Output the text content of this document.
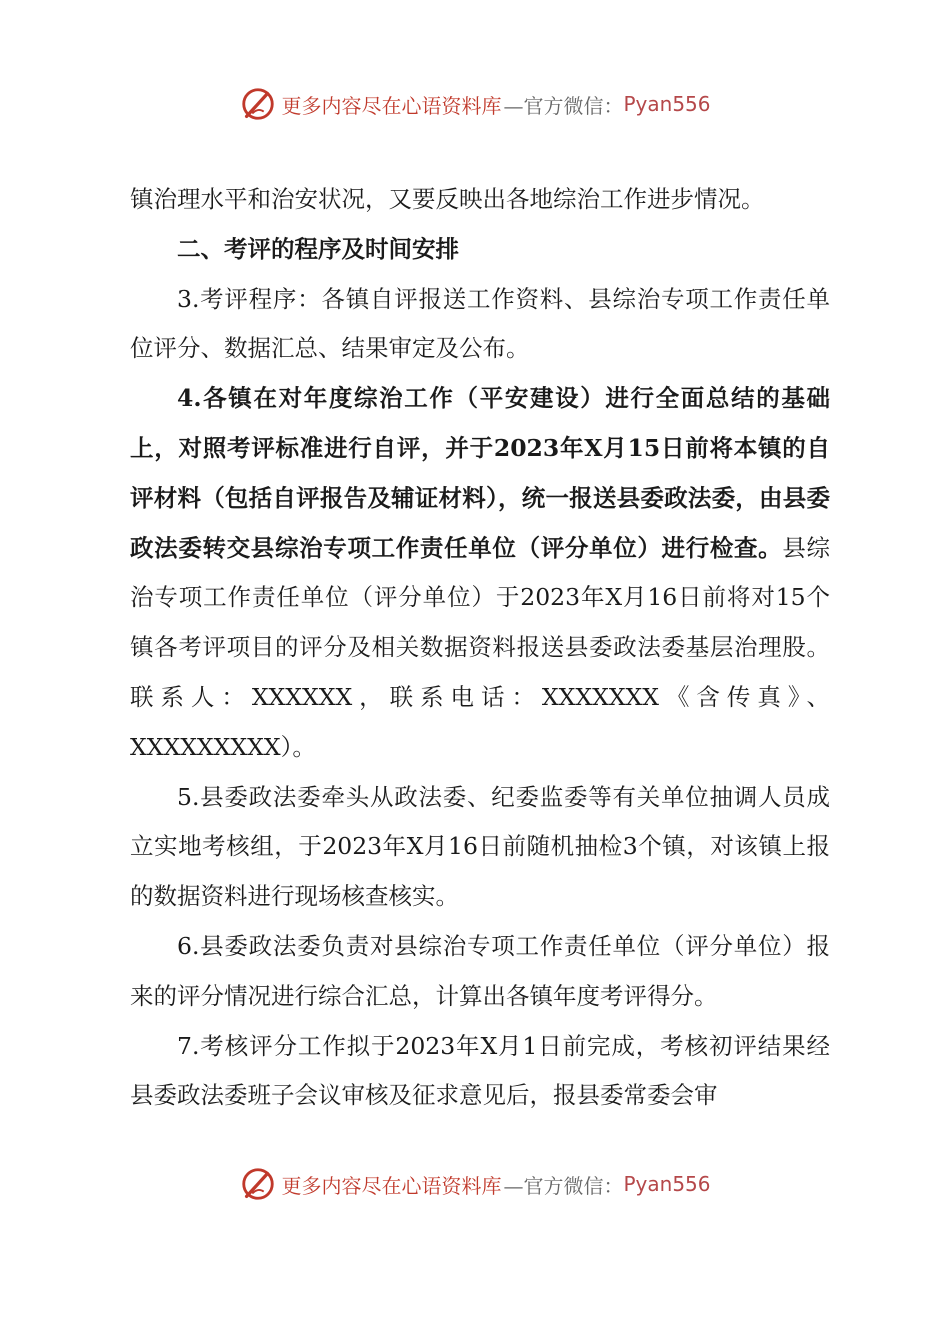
更多内容尽在心语资料库 —官方微信： Pyan556

镇治理水平和治安状况，又要反映出各地综治工作进步情况。

二、考评的程序及时间安排

3.考评程序：各镇自评报送工作资料、县综治专项工作责任单位评分、数据汇总、结果审定及公布。

4.各镇在对年度综治工作（平安建设）进行全面总结的基础上，对照考评标准进行自评，并于2023年X月15日前将本镇的自评材料（包括自评报告及辅证材料），统一报送县委政法委，由县委政法委转交县综治专项工作责任单位（评分单位）进行检查。县综治专项工作责任单位（评分单位）于2023年X月16日前将对15个镇各考评项目的评分及相关数据资料报送县委政法委基层治理股。联系人：XXXXXX，联系电话：XXXXXXX《含传真》、XXXXXXXXX）。

5.县委政法委牵头从政法委、纪委监委等有关单位抽调人员成立实地考核组，于2023年X月16日前随机抽检3个镇，对该镇上报的数据资料进行现场核查核实。

6.县委政法委负责对县综治专项工作责任单位（评分单位）报来的评分情况进行综合汇总，计算出各镇年度考评得分。

7.考核评分工作拟于2023年X月1日前完成，考核初评结果经县委政法委班子会议审核及征求意见后，报县委常委会审

更多内容尽在心语资料库 —官方微信： Pyan556
